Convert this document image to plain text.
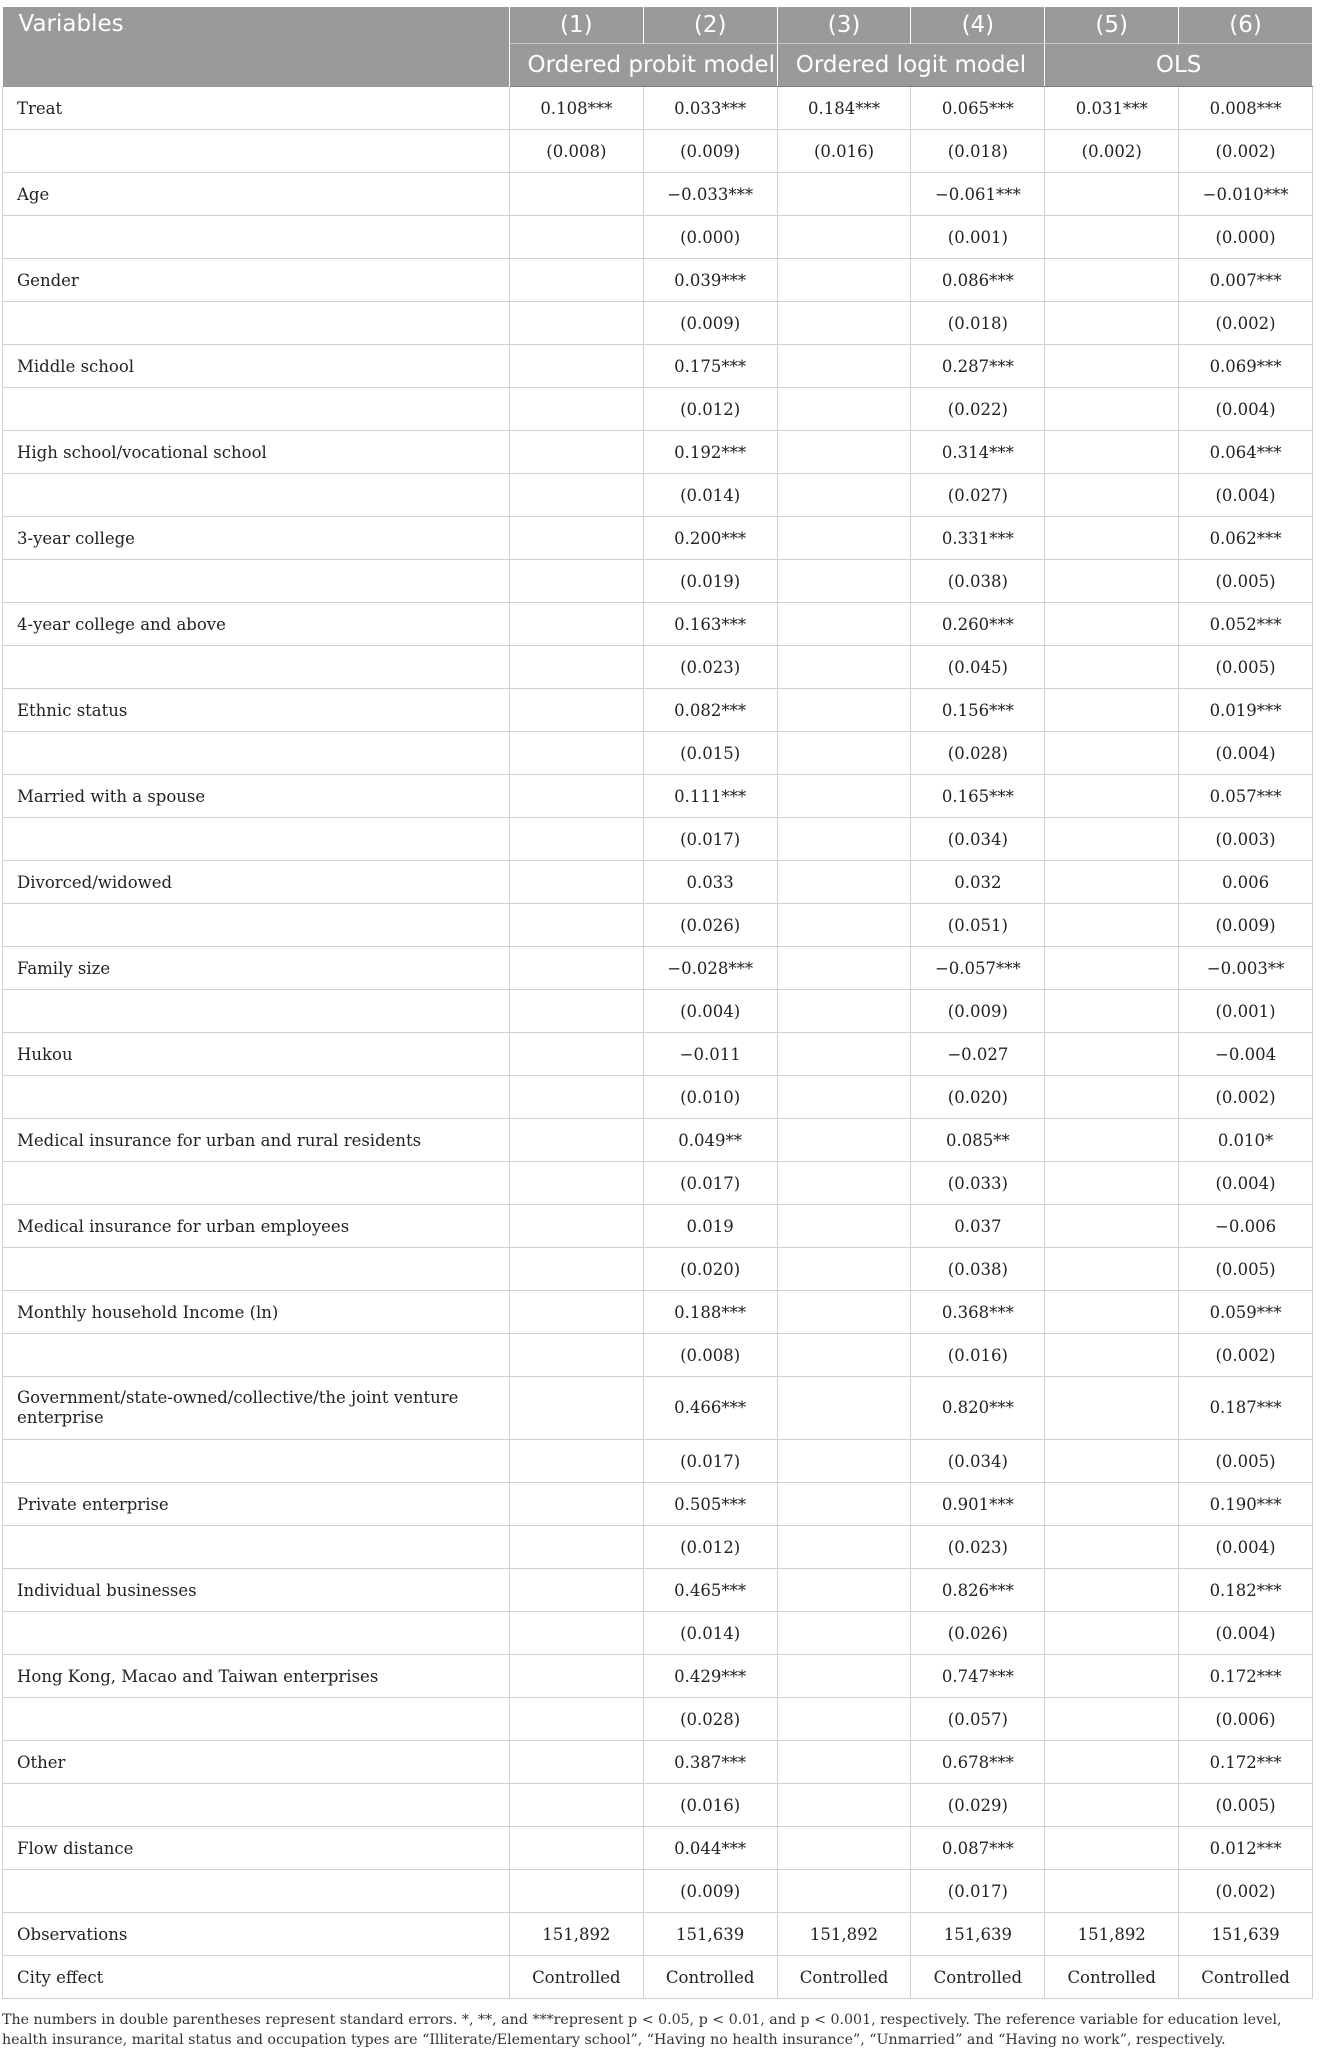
Variables	(1)	(2)	(3)	(4)	(5)	(6)
	Ordered probit model		Ordered logit model		OLS	
Treat	0.108***	0.033***	0.184***	0.065***	0.031***	0.008***
	(0.008)	(0.009)	(0.016)	(0.018)	(0.002)	(0.002)
Age		−0.033***		−0.061***		−0.010***
		(0.000)		(0.001)		(0.000)
Gender		0.039***		0.086***		0.007***
		(0.009)		(0.018)		(0.002)
Middle school		0.175***		0.287***		0.069***
		(0.012)		(0.022)		(0.004)
High school/vocational school		0.192***		0.314***		0.064***
		(0.014)		(0.027)		(0.004)
3-year college		0.200***		0.331***		0.062***
		(0.019)		(0.038)		(0.005)
4-year college and above		0.163***		0.260***		0.052***
		(0.023)		(0.045)		(0.005)
Ethnic status		0.082***		0.156***		0.019***
		(0.015)		(0.028)		(0.004)
Married with a spouse		0.111***		0.165***		0.057***
		(0.017)		(0.034)		(0.003)
Divorced/widowed		0.033		0.032		0.006
		(0.026)		(0.051)		(0.009)
Family size		−0.028***		−0.057***		−0.003**
		(0.004)		(0.009)		(0.001)
Hukou		−0.011		−0.027		−0.004
		(0.010)		(0.020)		(0.002)
Medical insurance for urban and rural residents		0.049**		0.085**		0.010*
		(0.017)		(0.033)		(0.004)
Medical insurance for urban employees		0.019		0.037		−0.006
		(0.020)		(0.038)		(0.005)
Monthly household Income (ln)		0.188***		0.368***		0.059***
		(0.008)		(0.016)		(0.002)
Government/state-owned/collective/the joint venture enterprise		0.466***		0.820***		0.187***
		(0.017)		(0.034)		(0.005)
Private enterprise		0.505***		0.901***		0.190***
		(0.012)		(0.023)		(0.004)
Individual businesses		0.465***		0.826***		0.182***
		(0.014)		(0.026)		(0.004)
Hong Kong, Macao and Taiwan enterprises		0.429***		0.747***		0.172***
		(0.028)		(0.057)		(0.006)
Other		0.387***		0.678***		0.172***
		(0.016)		(0.029)		(0.005)
Flow distance		0.044***		0.087***		0.012***
		(0.009)		(0.017)		(0.002)
Observations	151,892	151,639	151,892	151,639	151,892	151,639
City effect	Controlled	Controlled	Controlled	Controlled	Controlled	Controlled
The numbers in double parentheses represent standard errors. *, **, and ***represent p < 0.05, p < 0.01, and p < 0.001, respectively. The reference variable for education level, health insurance, marital status and occupation types are “Illiterate/Elementary school”, “Having no health insurance”, “Unmarried” and “Having no work”, respectively.
